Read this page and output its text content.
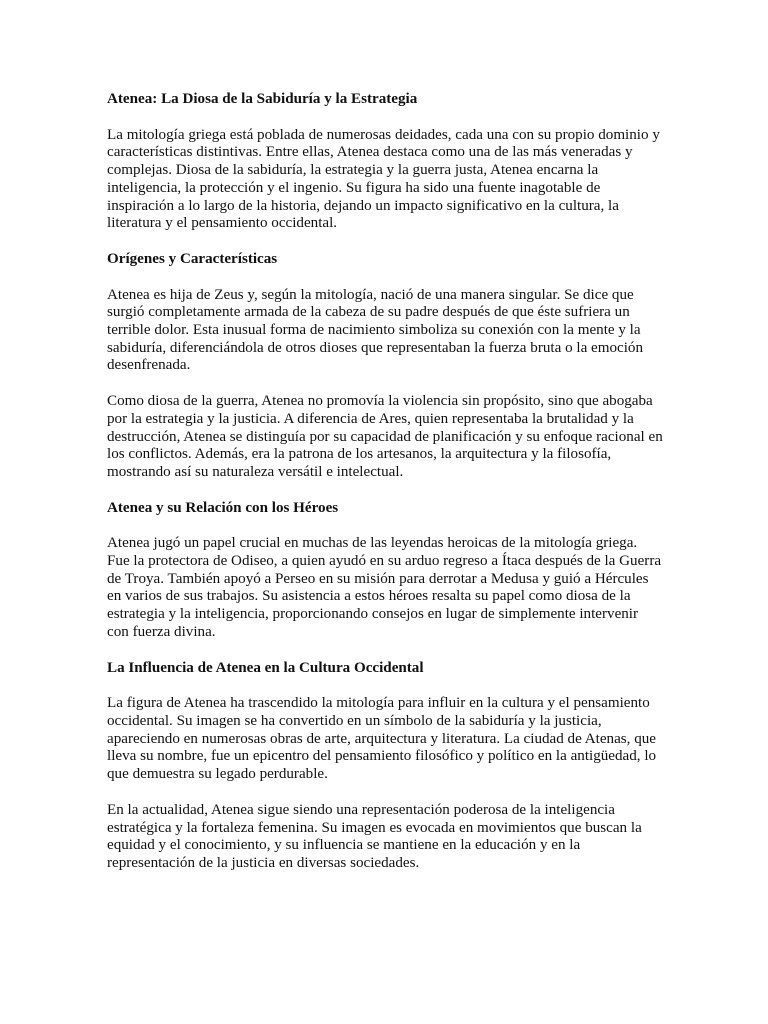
Atenea: La Diosa de la Sabiduría y la Estrategia

La mitología griega está poblada de numerosas deidades, cada una con su propio dominio y características distintivas. Entre ellas, Atenea destaca como una de las más veneradas y complejas. Diosa de la sabiduría, la estrategia y la guerra justa, Atenea encarna la inteligencia, la protección y el ingenio. Su figura ha sido una fuente inagotable de inspiración a lo largo de la historia, dejando un impacto significativo en la cultura, la literatura y el pensamiento occidental.

Orígenes y Características

Atenea es hija de Zeus y, según la mitología, nació de una manera singular. Se dice que surgió completamente armada de la cabeza de su padre después de que éste sufriera un terrible dolor. Esta inusual forma de nacimiento simboliza su conexión con la mente y la sabiduría, diferenciándola de otros dioses que representaban la fuerza bruta o la emoción desenfrenada.

Como diosa de la guerra, Atenea no promovía la violencia sin propósito, sino que abogaba por la estrategia y la justicia. A diferencia de Ares, quien representaba la brutalidad y la destrucción, Atenea se distinguía por su capacidad de planificación y su enfoque racional en los conflictos. Además, era la patrona de los artesanos, la arquitectura y la filosofía, mostrando así su naturaleza versátil e intelectual.

Atenea y su Relación con los Héroes

Atenea jugó un papel crucial en muchas de las leyendas heroicas de la mitología griega. Fue la protectora de Odiseo, a quien ayudó en su arduo regreso a Ítaca después de la Guerra de Troya. También apoyó a Perseo en su misión para derrotar a Medusa y guió a Hércules en varios de sus trabajos. Su asistencia a estos héroes resalta su papel como diosa de la estrategia y la inteligencia, proporcionando consejos en lugar de simplemente intervenir con fuerza divina.

La Influencia de Atenea en la Cultura Occidental

La figura de Atenea ha trascendido la mitología para influir en la cultura y el pensamiento occidental. Su imagen se ha convertido en un símbolo de la sabiduría y la justicia, apareciendo en numerosas obras de arte, arquitectura y literatura. La ciudad de Atenas, que lleva su nombre, fue un epicentro del pensamiento filosófico y político en la antigüedad, lo que demuestra su legado perdurable.

En la actualidad, Atenea sigue siendo una representación poderosa de la inteligencia estratégica y la fortaleza femenina. Su imagen es evocada en movimientos que buscan la equidad y el conocimiento, y su influencia se mantiene en la educación y en la representación de la justicia en diversas sociedades.
